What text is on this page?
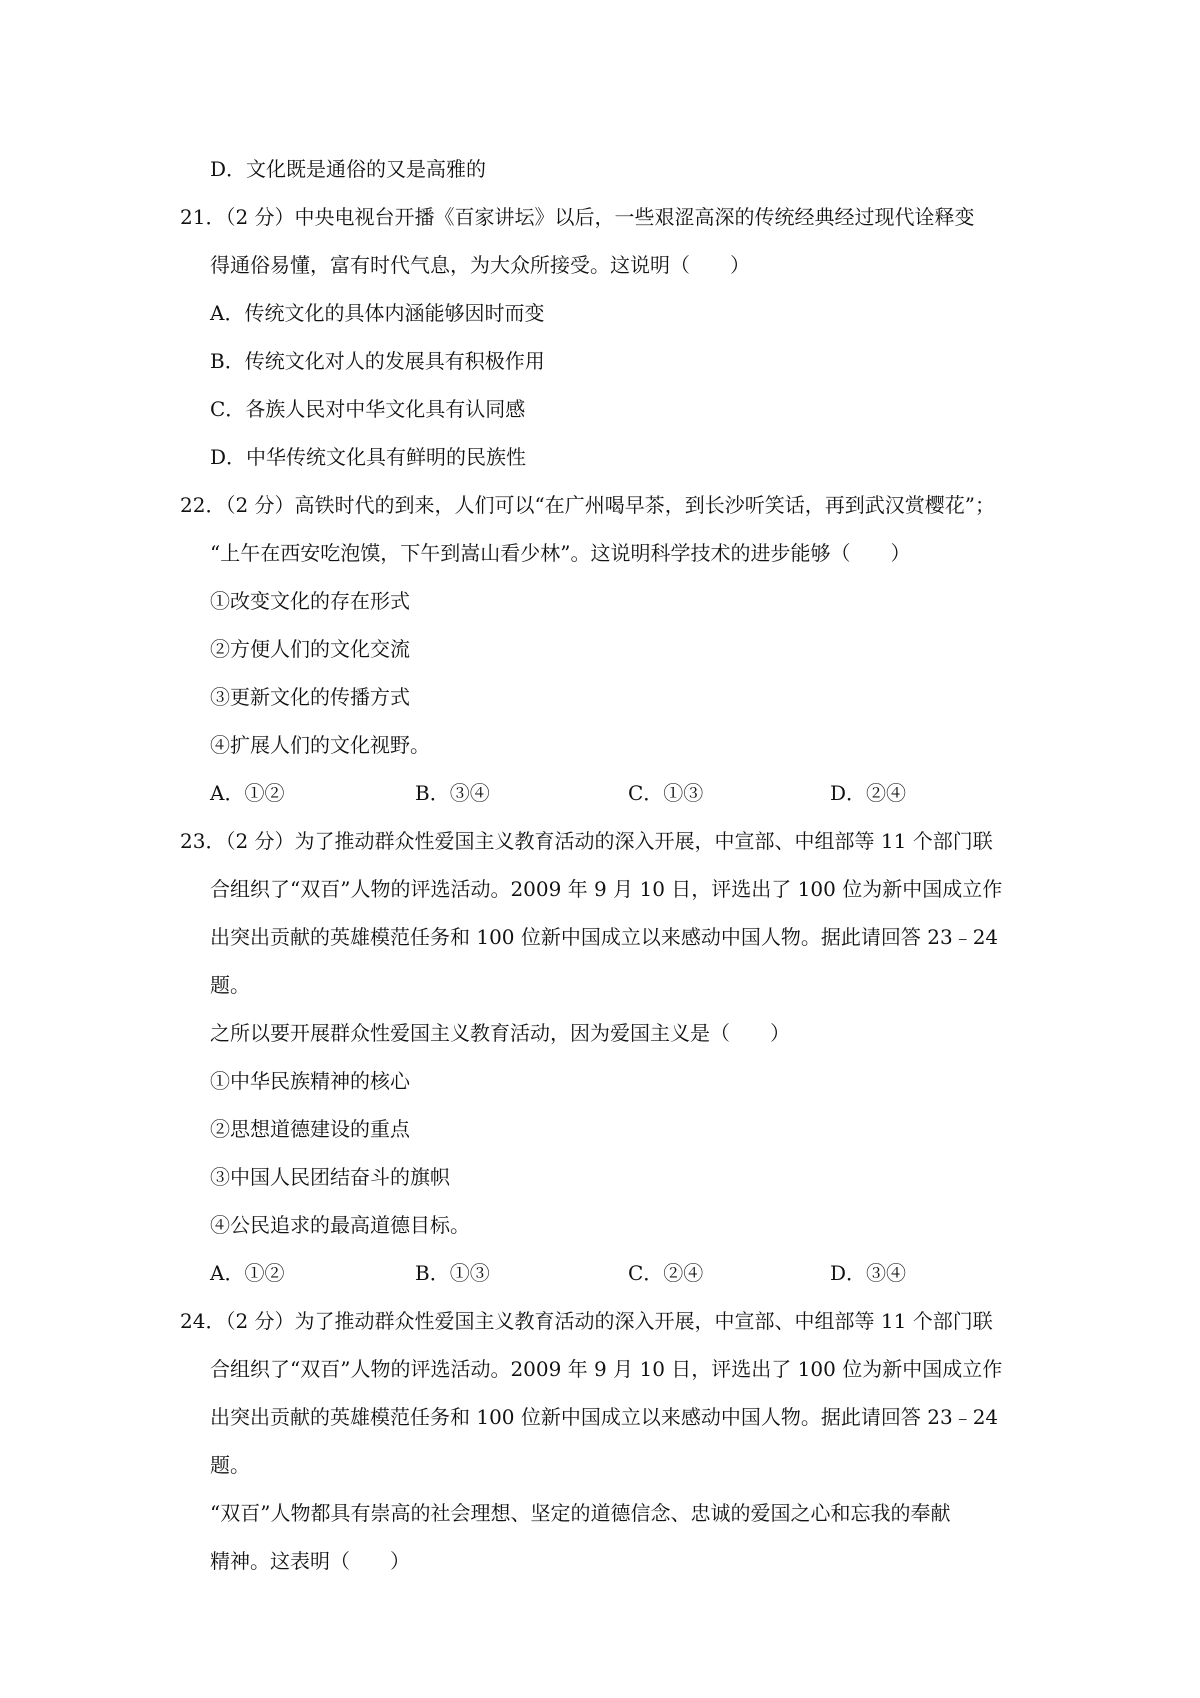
D．文化既是通俗的又是高雅的
21．（2 分）中央电视台开播《百家讲坛》以后，一些艰涩高深的传统经典经过现代诠释变
得通俗易懂，富有时代气息，为大众所接受。这说明（　　）
A．传统文化的具体内涵能够因时而变
B．传统文化对人的发展具有积极作用
C．各族人民对中华文化具有认同感
D．中华传统文化具有鲜明的民族性
22．（2 分）高铁时代的到来，人们可以“在广州喝早茶，到长沙听笑话，再到武汉赏樱花”；
“上午在西安吃泡馍，下午到嵩山看少林”。这说明科学技术的进步能够（　　）
①改变文化的存在形式
②方便人们的文化交流
③更新文化的传播方式
④扩展人们的文化视野。
A．①②	B．③④	C．①③	D．②④
23．（2 分）为了推动群众性爱国主义教育活动的深入开展，中宣部、中组部等 11 个部门联
合组织了“双百”人物的评选活动。2009 年 9 月 10 日，评选出了 100 位为新中国成立作
出突出贡献的英雄模范任务和 100 位新中国成立以来感动中国人物。据此请回答 23﹣24
题。
之所以要开展群众性爱国主义教育活动，因为爱国主义是（　　）
①中华民族精神的核心
②思想道德建设的重点
③中国人民团结奋斗的旗帜
④公民追求的最高道德目标。
A．①②	B．①③	C．②④	D．③④
24．（2 分）为了推动群众性爱国主义教育活动的深入开展，中宣部、中组部等 11 个部门联
合组织了“双百”人物的评选活动。2009 年 9 月 10 日，评选出了 100 位为新中国成立作
出突出贡献的英雄模范任务和 100 位新中国成立以来感动中国人物。据此请回答 23﹣24
题。
“双百”人物都具有崇高的社会理想、坚定的道德信念、忠诚的爱国之心和忘我的奉献
精神。这表明（　　）
